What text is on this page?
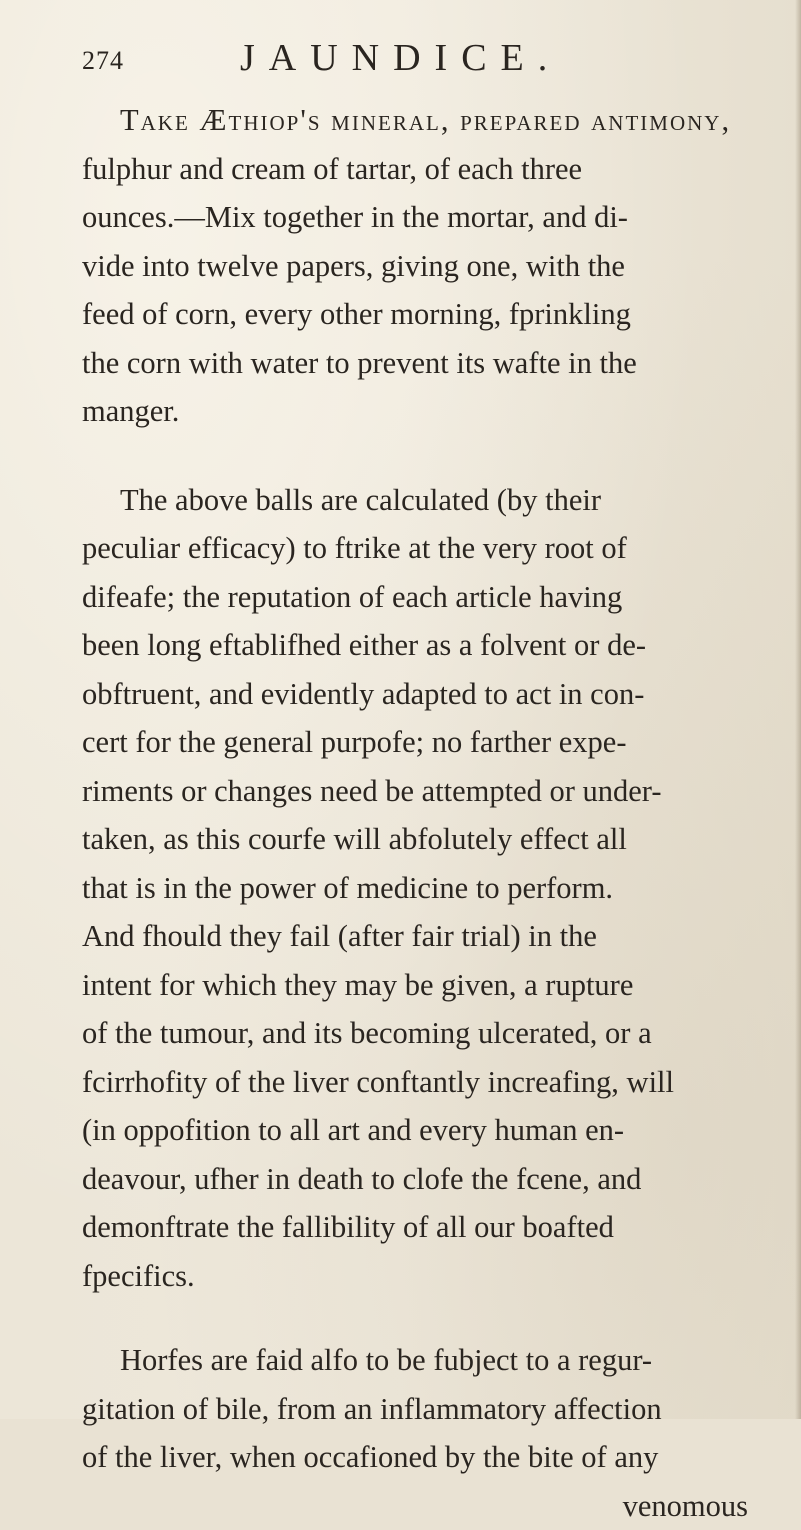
274	JAUNDICE.

Take Æthiop's mineral, prepared antimony,
fulphur and cream of tartar, of each three
ounces.—Mix together in the mortar, and di-
vide into twelve papers, giving one, with the
feed of corn, every other morning, fprinkling
the corn with water to prevent its wafte in the
manger.

The above balls are calculated (by their
peculiar efficacy) to ftrike at the very root of
difeafe; the reputation of each article having
been long eftablifhed either as a folvent or de-
obftruent, and evidently adapted to act in con-
cert for the general purpofe; no farther expe-
riments or changes need be attempted or under-
taken, as this courfe will abfolutely effect all
that is in the power of medicine to perform.
And fhould they fail (after fair trial) in the
intent for which they may be given, a rupture
of the tumour, and its becoming ulcerated, or a
fcirrhofity of the liver conftantly increafing, will
(in oppofition to all art and every human en-
deavour, ufher in death to clofe the fcene, and
demonftrate the fallibility of all our boafted
fpecifics.

Horfes are faid alfo to be fubject to a regur-
gitation of bile, from an inflammatory affection
of the liver, when occafioned by the bite of any
venomous
